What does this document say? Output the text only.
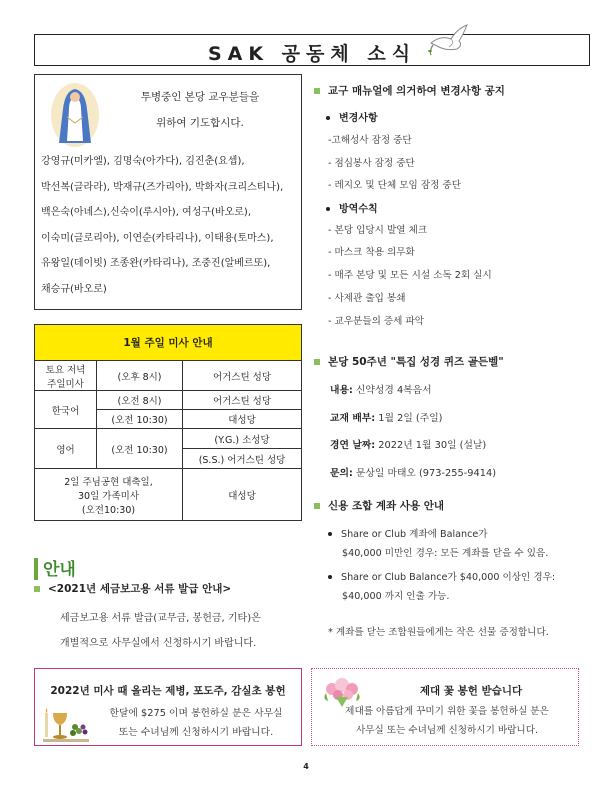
SAK 공동체 소식
투병중인 본당 교우분들을
위하여 기도합시다.
강영규(미카엘), 김명숙(아가다), 김진춘(요셉),
박선복(글라라), 박재규(즈가리아), 박화자(크리스티나),
백은숙(아녜스),신숙이(루시아), 여성구(바오로),
이숙미(글로리아), 이연순(카타리나), 이태용(토마스),
유왕일(데이빗) 조종완(카타리나), 조중진(알베르또),
채승규(바오로)
1월 주일 미사 안내		

토요 저녁
주일미사	(오후 8시)	어거스틴 성당
한국어	(오전 8시)	어거스틴 성당
	(오전 10:30)	대성당
영어	(오전 10:30)	(Y.G.) 소성당
		(S.S.) 어거스틴 성당

2일 주님공현 대축일,
30일 가족미사
(오전10:30)		대성당
안내
<2021년 세금보고용 서류 발급 안내>
세금보고용 서류 발급(교무금, 봉헌금, 기타)은
개별적으로 사무실에서 신청하시기 바랍니다.
2022년 미사 때 올리는 제병, 포도주, 감실초 봉헌
한달에 $275 이며 봉헌하실 분은 사무실
또는 수녀님께 신청하시기 바랍니다.
교구 매뉴얼에 의거하여 변경사항 공지
변경사항
-고해성사 잠정 중단
- 점심봉사 잠정 중단
- 레지오 및 단체 모임 잠정 중단
방역수칙
- 본당 입당시 발열 체크
- 마스크 착용 의무화
- 매주 본당 및 모든 시설 소독 2회 실시
- 사제관 출입 봉쇄
- 교우분들의 증세 파악
본당 50주년 "특집 성경 퀴즈 골든벨"
내용: 신약성경 4복음서
교재 배부: 1월 2일 (주일)
경연 날짜: 2022년 1월 30일 (설날)
문의: 문상일 마태오 (973-255-9414)
신용 조합 계좌 사용 안내
Share or Club 계좌에 Balance가
$40,000 미만인 경우: 모든 계좌를 닫을 수 있음.
Share or Club Balance가 $40,000 이상인 경우:
$40,000 까지 인출 가능.
* 계좌를 닫는 조합원들에게는 작은 선물 증정합니다.
제대 꽃 봉헌 받습니다
제대를 아름답게 꾸미기 위한 꽃을 봉헌하실 분은
사무실 또는 수녀님께 신청하시기 바랍니다.
4
